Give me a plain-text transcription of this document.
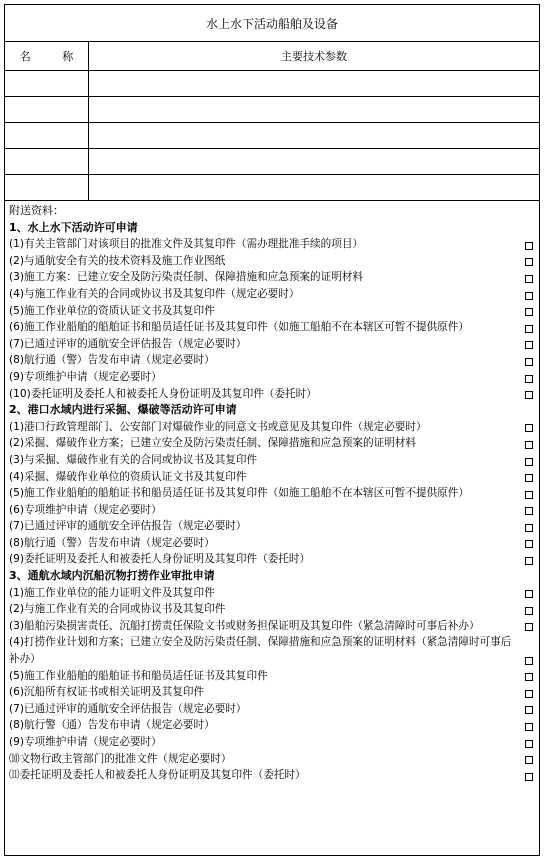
水上水下活动船舶及设备
名 称	主要技术参数
附送资料：
1、水上水下活动许可申请
(1)有关主管部门对该项目的批准文件及其复印件（需办理批准手续的项目）
(2)与通航安全有关的技术资料及施工作业图纸
(3)施工方案：已建立安全及防污染责任制、保障措施和应急预案的证明材料
(4)与施工作业有关的合同或协议书及其复印件（规定必要时）
(5)施工作业单位的资质认证文书及其复印件
(6)施工作业船舶的船舶证书和船员适任证书及其复印件（如施工船舶不在本辖区可暂不提供原件）
(7)已通过评审的通航安全评估报告（规定必要时）
(8)航行通（警）告发布申请（规定必要时）
(9)专项维护申请（规定必要时）
(10)委托证明及委托人和被委托人身份证明及其复印件（委托时）
2、港口水域内进行采掘、爆破等活动许可申请
(1)港口行政管理部门、公安部门对爆破作业的同意文书或意见及其复印件（规定必要时）
(2)采掘、爆破作业方案；已建立安全及防污染责任制、保障措施和应急预案的证明材料
(3)与采掘、爆破作业有关的合同或协议书及其复印件
(4)采掘、爆破作业单位的资质认证文书及其复印件
(5)施工作业船舶的船舶证书和船员适任证书及其复印件（如施工船舶不在本辖区可暂不提供原件）
(6)专项维护申请（规定必要时）
(7)已通过评审的通航安全评估报告（规定必要时）
(8)航行通（警）告发布申请（规定必要时）
(9)委托证明及委托人和被委托人身份证明及其复印件（委托时）
3、通航水域内沉船沉物打捞作业审批申请
(1)施工作业单位的能力证明文件及其复印件
(2)与施工作业有关的合同或协议书及其复印件
(3)船舶污染损害责任、沉船打捞责任保险文书或财务担保证明及其复印件（紧急清障时可事后补办）
(4)打捞作业计划和方案；已建立安全及防污染责任制、保障措施和应急预案的证明材料（紧急清障时可事后补办）
(5)施工作业船舶的船舶证书和船员适任证书及其复印件
(6)沉船所有权证书或相关证明及其复印件
(7)已通过评审的通航安全评估报告（规定必要时）
(8)航行警（通）告发布申请（规定必要时）
(9)专项维护申请（规定必要时）
⑽文物行政主管部门的批准文件（规定必要时）
⑾委托证明及委托人和被委托人身份证明及其复印件（委托时）
